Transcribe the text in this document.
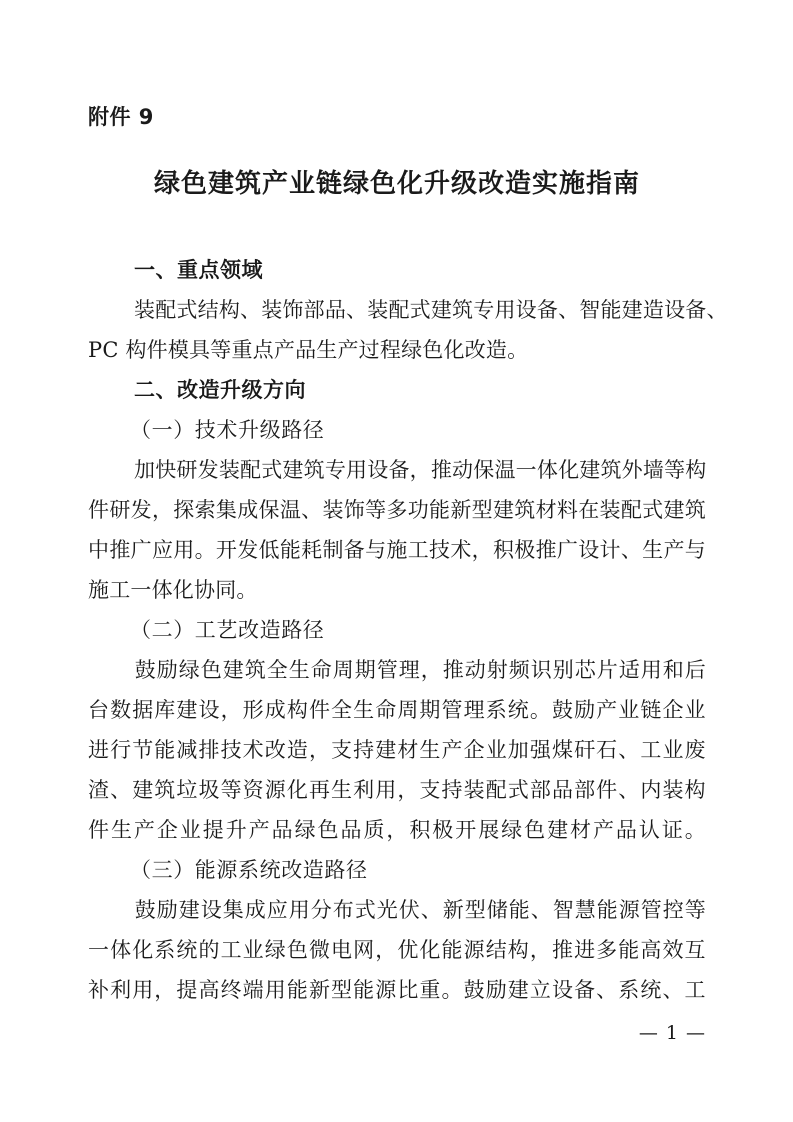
附件 9
绿色建筑产业链绿色化升级改造实施指南
一、重点领域
装 配 式 结 构 、 装 饰 部 品 、 装 配 式 建 筑 专 用 设 备 、 智 能 建 造 设 备 、
PC 构件模具等重点产品生产过程绿色化改造。
二、改造升级方向
（一）技术升级路径
加 快 研 发 装 配 式 建 筑 专 用 设 备 ， 推 动 保 温 一 体 化 建 筑 外 墙 等 构
件 研 发 ， 探 索 集 成 保 温 、 装 饰 等 多 功 能 新 型 建 筑 材 料 在 装 配 式 建 筑
中 推 广 应 用 。 开 发 低 能 耗 制 备 与 施 工 技 术 ， 积 极 推 广 设 计 、 生 产 与
施工一体化协同。
（二）工艺改造路径
鼓 励 绿 色 建 筑 全 生 命 周 期 管 理 ， 推 动 射 频 识 别 芯 片 适 用 和 后
台 数 据 库 建 设 ， 形 成 构 件 全 生 命 周 期 管 理 系 统 。 鼓 励 产 业 链 企 业
进 行 节 能 减 排 技 术 改 造 ， 支 持 建 材 生 产 企 业 加 强 煤 矸 石 、 工 业 废
渣 、 建 筑 垃 圾 等 资 源 化 再 生 利 用 ， 支 持 装 配 式 部 品 部 件 、 内 装 构
件 生 产 企 业 提 升 产 品 绿 色 品 质 ， 积 极 开 展 绿 色 建 材 产 品 认 证 。
（三）能源系统改造路径
鼓 励 建 设 集 成 应 用 分 布 式 光 伏 、 新 型 储 能 、 智 慧 能 源 管 控 等
一 体 化 系 统 的 工 业 绿 色 微 电 网 ， 优 化 能 源 结 构 ， 推 进 多 能 高 效 互
补 利 用 ， 提 高 终 端 用 能 新 型 能 源 比 重 。 鼓 励 建 立 设 备 、 系 统 、 工
— 1 —
